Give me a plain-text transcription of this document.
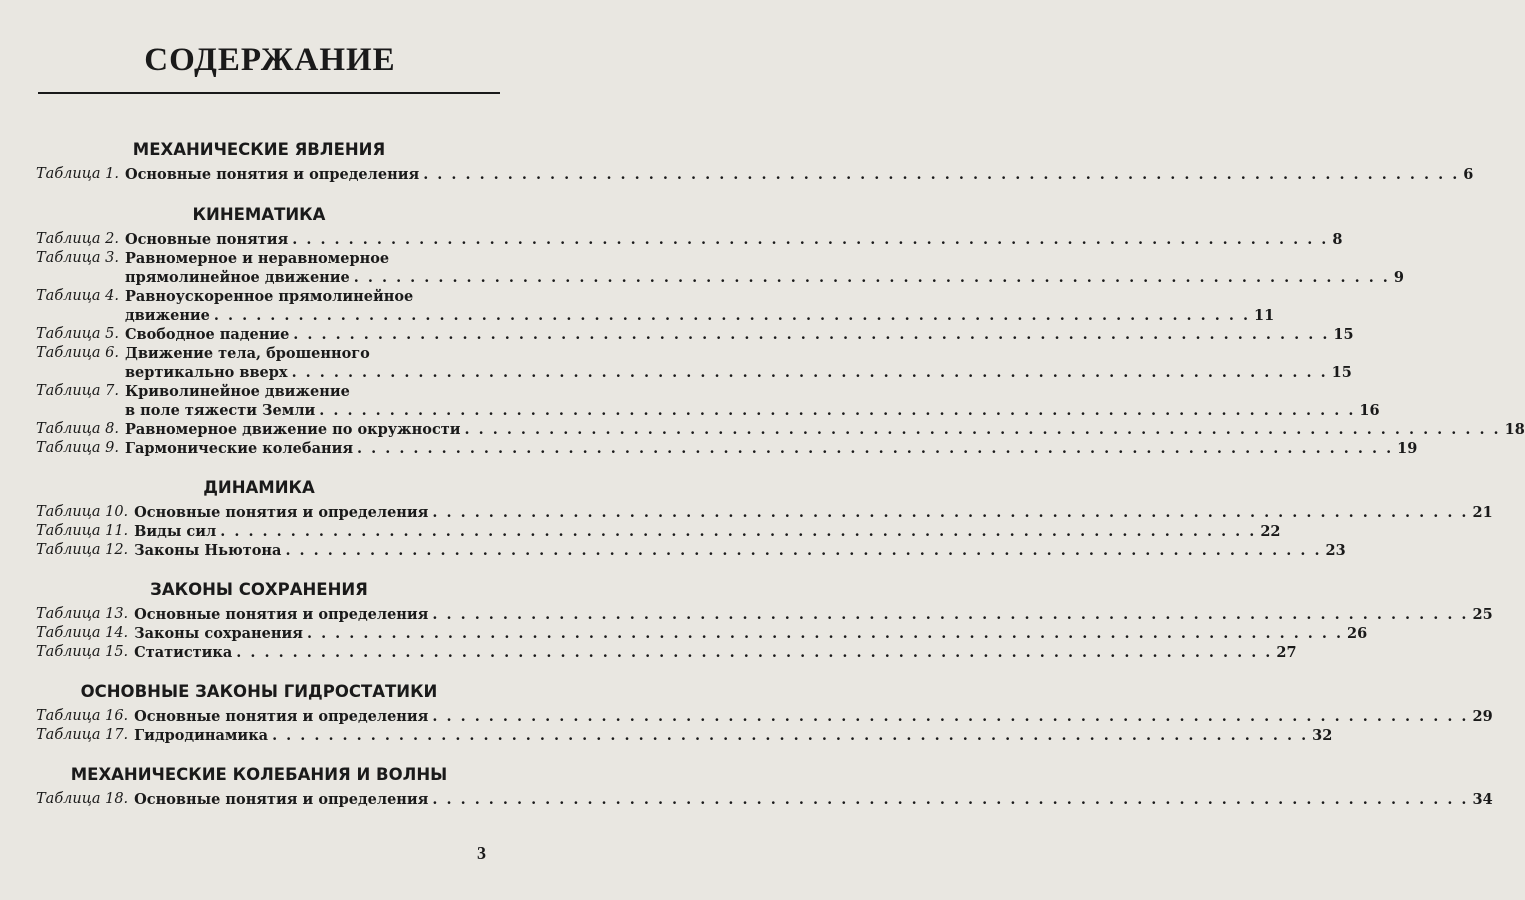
СОДЕРЖАНИЕ
МЕХАНИЧЕСКИЕ ЯВЛЕНИЯ
Таблица 1. Основные понятия и определения . . .	6
КИНЕМАТИКА
Таблица 2. Основные понятия . . .	8
Таблица 3. Равномерное и неравномерное
прямолинейное движение . . .	9
Таблица 4. Равноускоренное прямолинейное
движение . . .	11
Таблица 5. Свободное падение . . .	15
Таблица 6. Движение тела, брошенного
вертикально вверх . . .	15
Таблица 7. Криволинейное движение
в поле тяжести Земли . . .	16
Таблица 8. Равномерное движение по окружности . . .	18
Таблица 9. Гармонические колебания . . .	19
ДИНАМИКА
Таблица 10. Основные понятия и определения . . .	21
Таблица 11. Виды сил . . .	22
Таблица 12. Законы Ньютона . . .	23
ЗАКОНЫ СОХРАНЕНИЯ
Таблица 13. Основные понятия и определения . . .	25
Таблица 14. Законы сохранения . . .	26
Таблица 15. Статистика . . .	27
ОСНОВНЫЕ ЗАКОНЫ ГИДРОСТАТИКИ
Таблица 16. Основные понятия и определения . . .	29
Таблица 17. Гидродинамика . . .	32
МЕХАНИЧЕСКИЕ КОЛЕБАНИЯ И ВОЛНЫ
Таблица 18. Основные понятия и определения . . .	34
3
